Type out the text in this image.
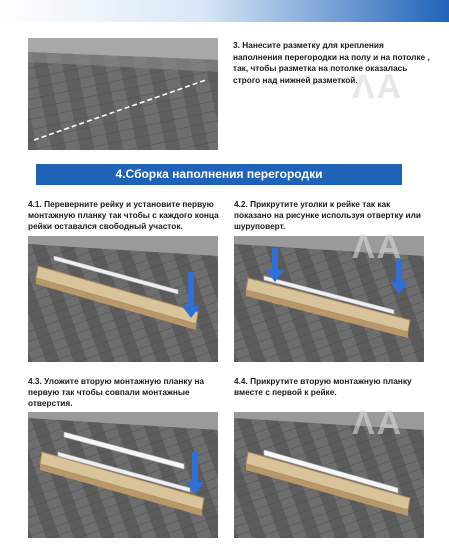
3. Нанесите разметку для крепления наполнения перегородки на полу и на потолке , так, чтобы разметка на потолке оказалась строго над нижней разметкой.
ΛΑ
4.Сборка наполнения перегородки
4.1. Переверните рейку и установите первую монтажную планку так чтобы с каждого конца рейки оставался свободный участок.
4.2. Прикрутите уголки к рейке так как показано на рисунке используя отвертку или шуруповерт.
ΛΑ
4.3. Уложите вторую монтажную планку на первую так чтобы совпали монтажные отверстия.
4.4. Прикрутите вторую монтажную планку вместе с первой к рейке.
ΛΑ
